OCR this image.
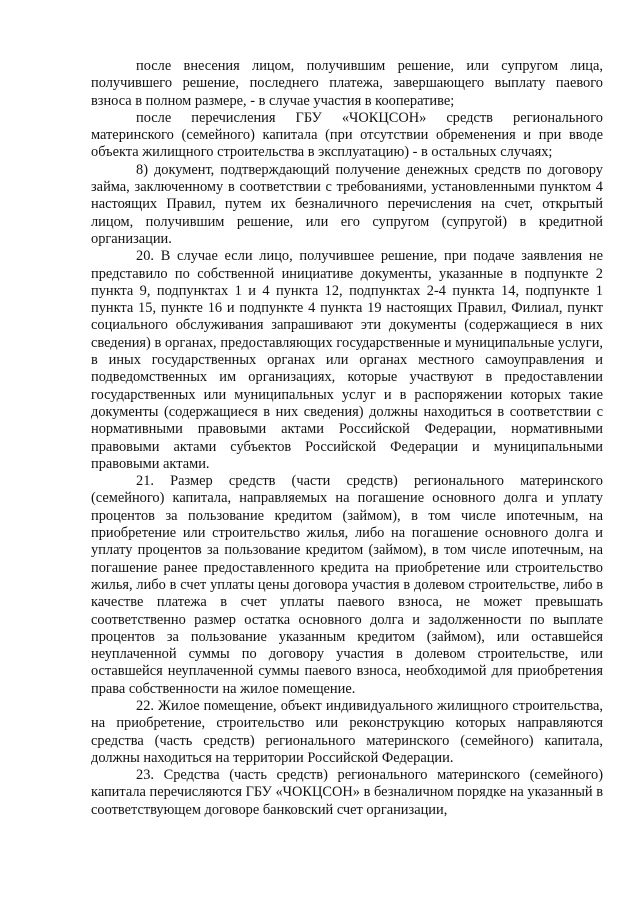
после внесения лицом, получившим решение, или супругом лица, получившего решение, последнего платежа, завершающего выплату паевого взноса в полном размере, - в случае участия в кооперативе;

после перечисления ГБУ «ЧОКЦСОН» средств регионального материнского (семейного) капитала (при отсутствии обременения и при вводе объекта жилищного строительства в эксплуатацию) - в остальных случаях;

8) документ, подтверждающий получение денежных средств по договору займа, заключенному в соответствии с требованиями, установленными пунктом 4 настоящих Правил, путем их безналичного перечисления на счет, открытый лицом, получившим решение, или его супругом (супругой) в кредитной организации.

20. В случае если лицо, получившее решение, при подаче заявления не представило по собственной инициативе документы, указанные в подпункте 2 пункта 9, подпунктах 1 и 4 пункта 12, подпунктах 2-4 пункта 14, подпункте 1 пункта 15, пункте 16 и подпункте 4 пункта 19 настоящих Правил, Филиал, пункт социального обслуживания запрашивают эти документы (содержащиеся в них сведения) в органах, предоставляющих государственные и муниципальные услуги, в иных государственных органах или органах местного самоуправления и подведомственных им организациях, которые участвуют в предоставлении государственных или муниципальных услуг и в распоряжении которых такие документы (содержащиеся в них сведения) должны находиться в соответствии с нормативными правовыми актами Российской Федерации, нормативными правовыми актами субъектов Российской Федерации и муниципальными правовыми актами.

21. Размер средств (части средств) регионального материнского (семейного) капитала, направляемых на погашение основного долга и уплату процентов за пользование кредитом (займом), в том числе ипотечным, на приобретение или строительство жилья, либо на погашение основного долга и уплату процентов за пользование кредитом (займом), в том числе ипотечным, на погашение ранее предоставленного кредита на приобретение или строительство жилья, либо в счет уплаты цены договора участия в долевом строительстве, либо в качестве платежа в счет уплаты паевого взноса, не может превышать соответственно размер остатка основного долга и задолженности по выплате процентов за пользование указанным кредитом (займом), или оставшейся неуплаченной суммы по договору участия в долевом строительстве, или оставшейся неуплаченной суммы паевого взноса, необходимой для приобретения права собственности на жилое помещение.

22. Жилое помещение, объект индивидуального жилищного строительства, на приобретение, строительство или реконструкцию которых направляются средства (часть средств) регионального материнского (семейного) капитала, должны находиться на территории Российской Федерации.

23. Средства (часть средств) регионального материнского (семейного) капитала перечисляются ГБУ «ЧОКЦСОН» в безналичном порядке на указанный в соответствующем договоре банковский счет организации,
